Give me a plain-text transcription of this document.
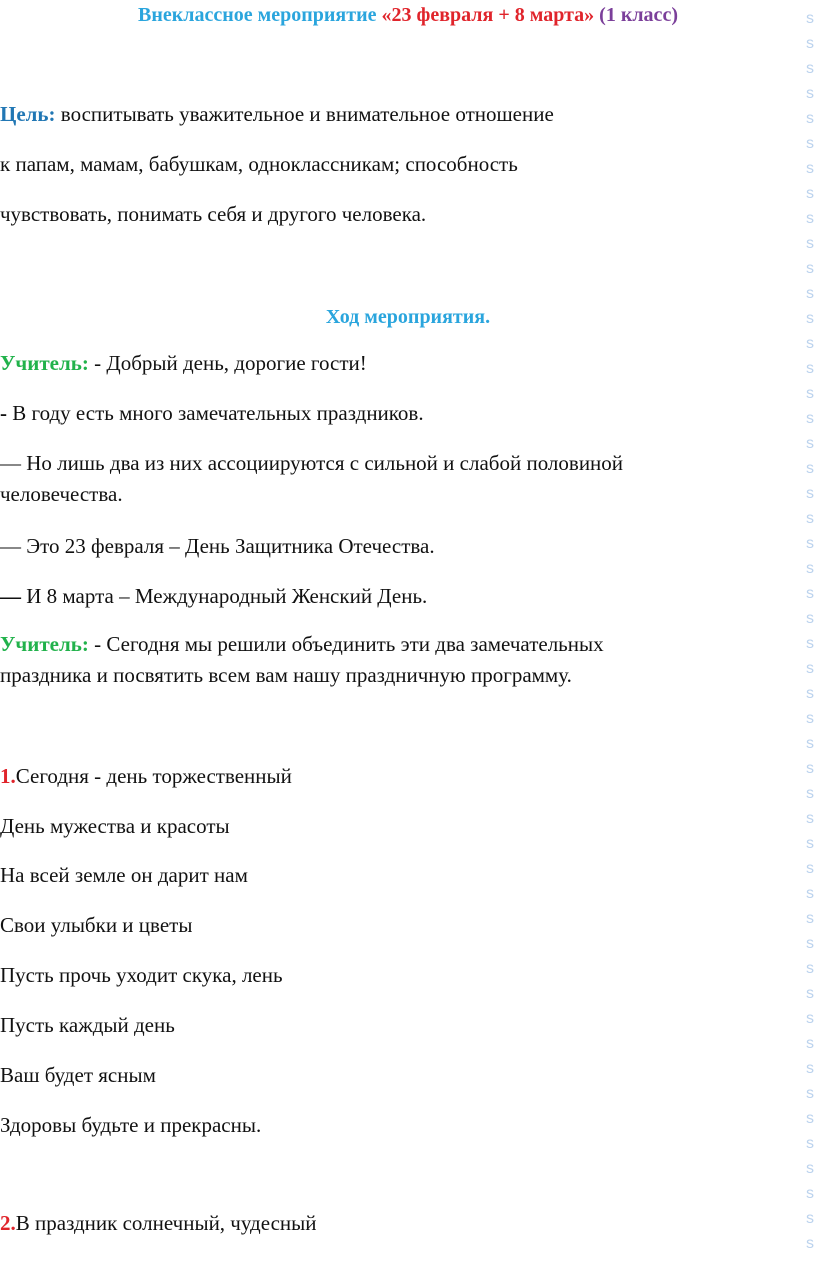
Внеклассное мероприятие «23 февраля + 8 марта» (1 класс)
Цель: воспитывать уважительное и внимательное отношение
к папам, мамам, бабушкам, одноклассникам; способность
чувствовать, понимать себя и другого человека.
Ход мероприятия.
Учитель: - Добрый день, дорогие гости!
- В году есть много замечательных праздников.
— Но лишь два из них ассоциируются с сильной и слабой половиной
человечества.
— Это 23 февраля – День Защитника Отечества.
— И 8 марта – Международный Женский День.
Учитель: - Сегодня мы решили объединить эти два замечательных
праздника и посвятить всем вам нашу праздничную программу.
1.Сегодня - день торжественный
День мужества и красоты
На всей земле он дарит нам
Свои улыбки и цветы
Пусть прочь уходит скука, лень
Пусть каждый день
Ваш будет ясным
Здоровы будьте и прекрасны.
2.В праздник солнечный, чудесный
s
s
s
s
s
s
s
s
s
s
s
s
s
s
s
s
s
s
s
s
s
s
s
s
s
s
s
s
s
s
s
s
s
s
s
s
s
s
s
s
s
s
s
s
s
s
s
s
s
s
